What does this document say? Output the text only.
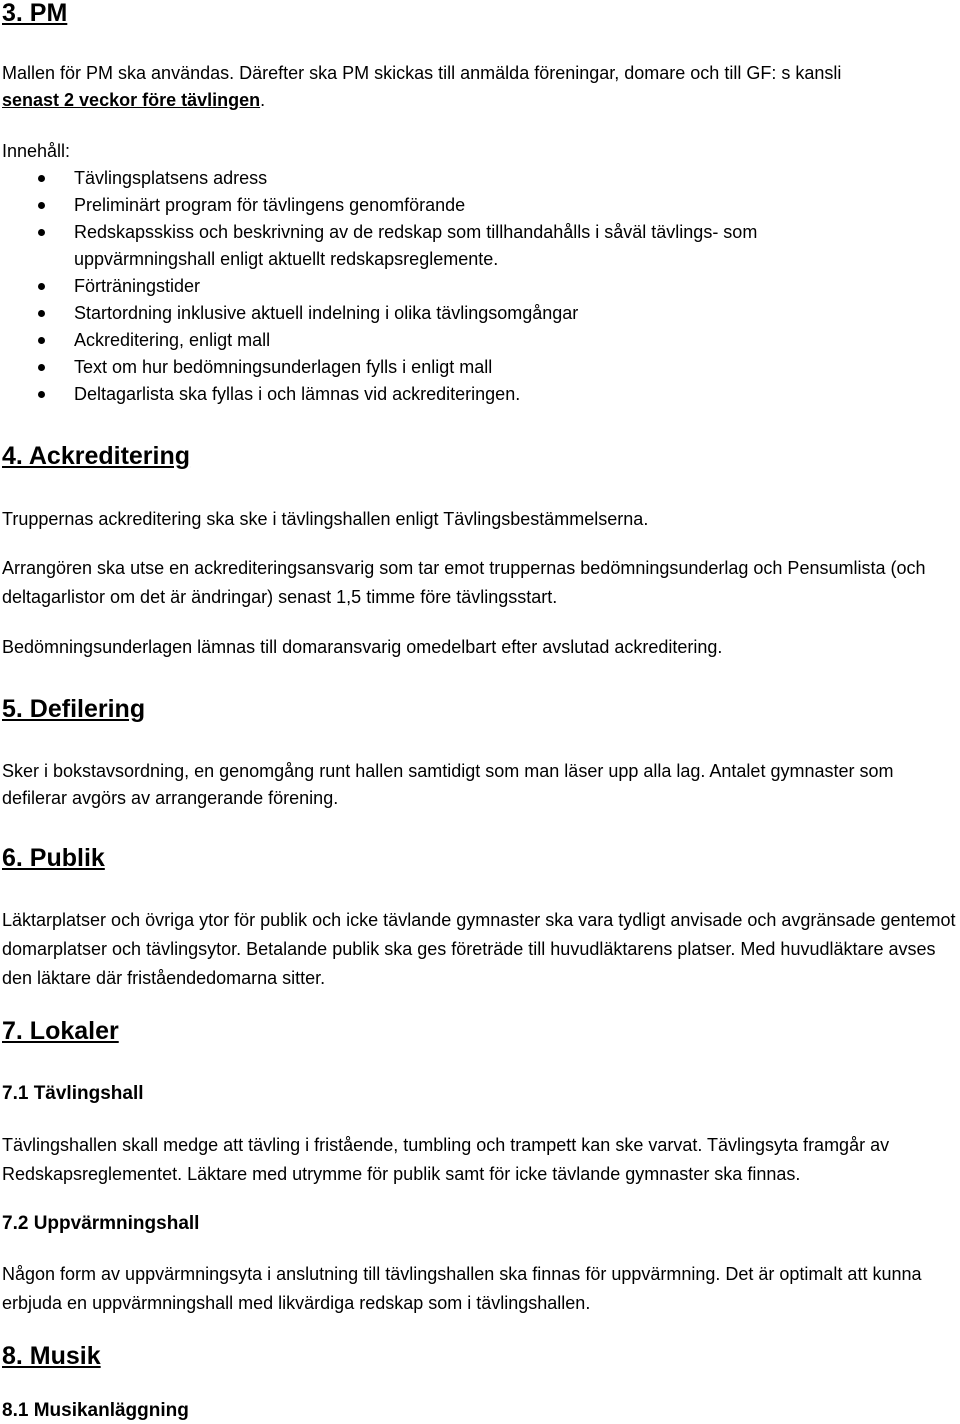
3. PM
Mallen för PM ska användas. Därefter ska PM skickas till anmälda föreningar, domare och till GF: s kansli
senast 2 veckor före tävlingen.
Innehåll:
Tävlingsplatsens adress
Preliminärt program för tävlingens genomförande
Redskapsskiss och beskrivning av de redskap som tillhandahålls i såväl tävlings- som
uppvärmningshall enligt aktuellt redskapsreglemente.
Förträningstider
Startordning inklusive aktuell indelning i olika tävlingsomgångar
Ackreditering, enligt mall
Text om hur bedömningsunderlagen fylls i enligt mall
Deltagarlista ska fyllas i och lämnas vid ackrediteringen.
4. Ackreditering
Truppernas ackreditering ska ske i tävlingshallen enligt Tävlingsbestämmelserna.
Arrangören ska utse en ackrediteringsansvarig som tar emot truppernas bedömningsunderlag och Pensumlista (och deltagarlistor om det är ändringar) senast 1,5 timme före tävlingsstart.
Bedömningsunderlagen lämnas till domaransvarig omedelbart efter avslutad ackreditering.
5. Defilering
Sker i bokstavsordning, en genomgång runt hallen samtidigt som man läser upp alla lag. Antalet gymnaster som defilerar avgörs av arrangerande förening.
6. Publik
Läktarplatser och övriga ytor för publik och icke tävlande gymnaster ska vara tydligt anvisade och avgränsade gentemot domarplatser och tävlingsytor. Betalande publik ska ges företräde till huvudläktarens platser. Med huvudläktare avses den läktare där friståendedomarna sitter.
7. Lokaler
7.1 Tävlingshall
Tävlingshallen skall medge att tävling i fristående, tumbling och trampett kan ske varvat. Tävlingsyta framgår av Redskapsreglementet. Läktare med utrymme för publik samt för icke tävlande gymnaster ska finnas.
7.2 Uppvärmningshall
Någon form av uppvärmningsyta i anslutning till tävlingshallen ska finnas för uppvärmning. Det är optimalt att kunna erbjuda en uppvärmningshall med likvärdiga redskap som i tävlingshallen.
8. Musik
8.1 Musikanläggning
